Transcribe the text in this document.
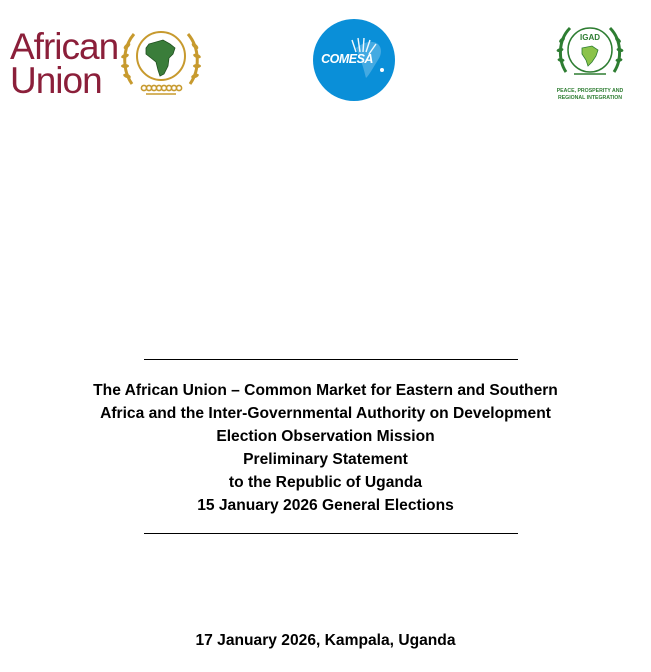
African
Union
COMESA
IGAD
PEACE, PROSPERITY AND
REGIONAL INTEGRATION
The African Union – Common Market for Eastern and Southern
Africa and the Inter-Governmental Authority on Development
Election Observation Mission
Preliminary Statement
to the Republic of Uganda
15 January 2026 General Elections
17 January 2026, Kampala, Uganda
